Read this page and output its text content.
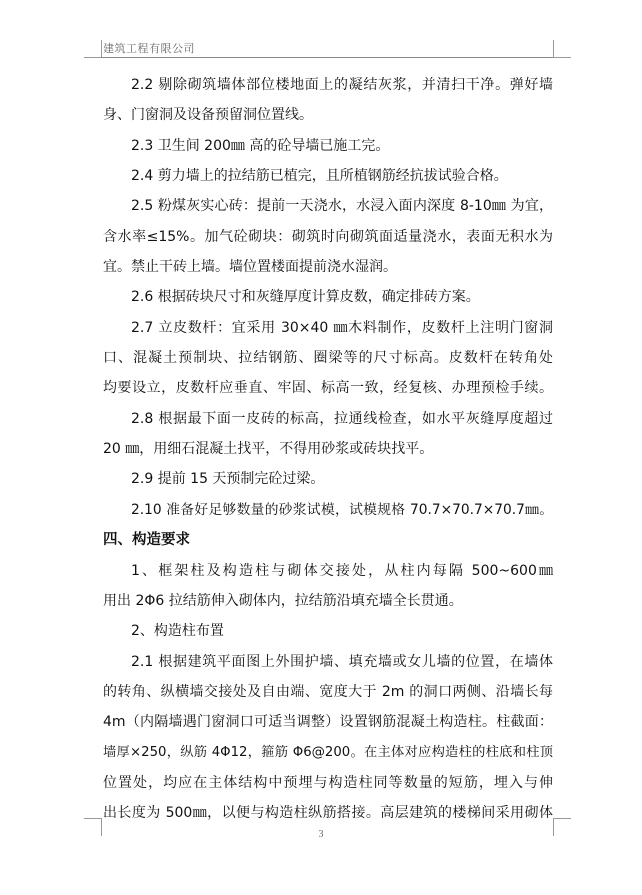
建筑工程有限公司
2.2 剔除砌筑墙体部位楼地面上的凝结灰浆，并清扫干净。弹好墙
身、门窗洞及设备预留洞位置线。
2.3 卫生间 200㎜ 高的砼导墙已施工完。
2.4 剪力墙上的拉结筋已植完，且所植钢筋经抗拔试验合格。
2.5 粉煤灰实心砖：提前一天浇水，水浸入面内深度 8-10㎜ 为宜，
含水率≤15%。加气砼砌块：砌筑时向砌筑面适量浇水，表面无积水为
宜。禁止干砖上墙。墙位置楼面提前浇水湿润。
2.6 根据砖块尺寸和灰缝厚度计算皮数，确定排砖方案。
2.7 立皮数杆：宜采用 30×40 ㎜木料制作，皮数杆上注明门窗洞
口、混凝土预制块、拉结钢筋、圈梁等的尺寸标高。皮数杆在转角处
均要设立，皮数杆应垂直、牢固、标高一致，经复核、办理预检手续。
2.8 根据最下面一皮砖的标高，拉通线检查，如水平灰缝厚度超过
20 ㎜，用细石混凝土找平，不得用砂浆或砖块找平。
2.9 提前 15 天预制完砼过梁。
2.10 准备好足够数量的砂浆试模，试模规格 70.7×70.7×70.7㎜。
四、构造要求
1、框架柱及构造柱与砌体交接处，从柱内每隔 500~600㎜
用出 2Φ6 拉结筋伸入砌体内，拉结筋沿填充墙全长贯通。
2、构造柱布置
2.1 根据建筑平面图上外围护墙、填充墙或女儿墙的位置，在墙体
的转角、纵横墙交接处及自由端、宽度大于 2m 的洞口两侧、沿墙长每
4m（内隔墙遇门窗洞口可适当调整）设置钢筋混凝土构造柱。柱截面：
墙厚×250，纵筋 4Φ12，箍筋 Φ6@200。在主体对应构造柱的柱底和柱顶
位置处，均应在主体结构中预埋与构造柱同等数量的短筋，埋入与伸
出长度为 500㎜，以便与构造柱纵筋搭接。高层建筑的楼梯间采用砌体
3
